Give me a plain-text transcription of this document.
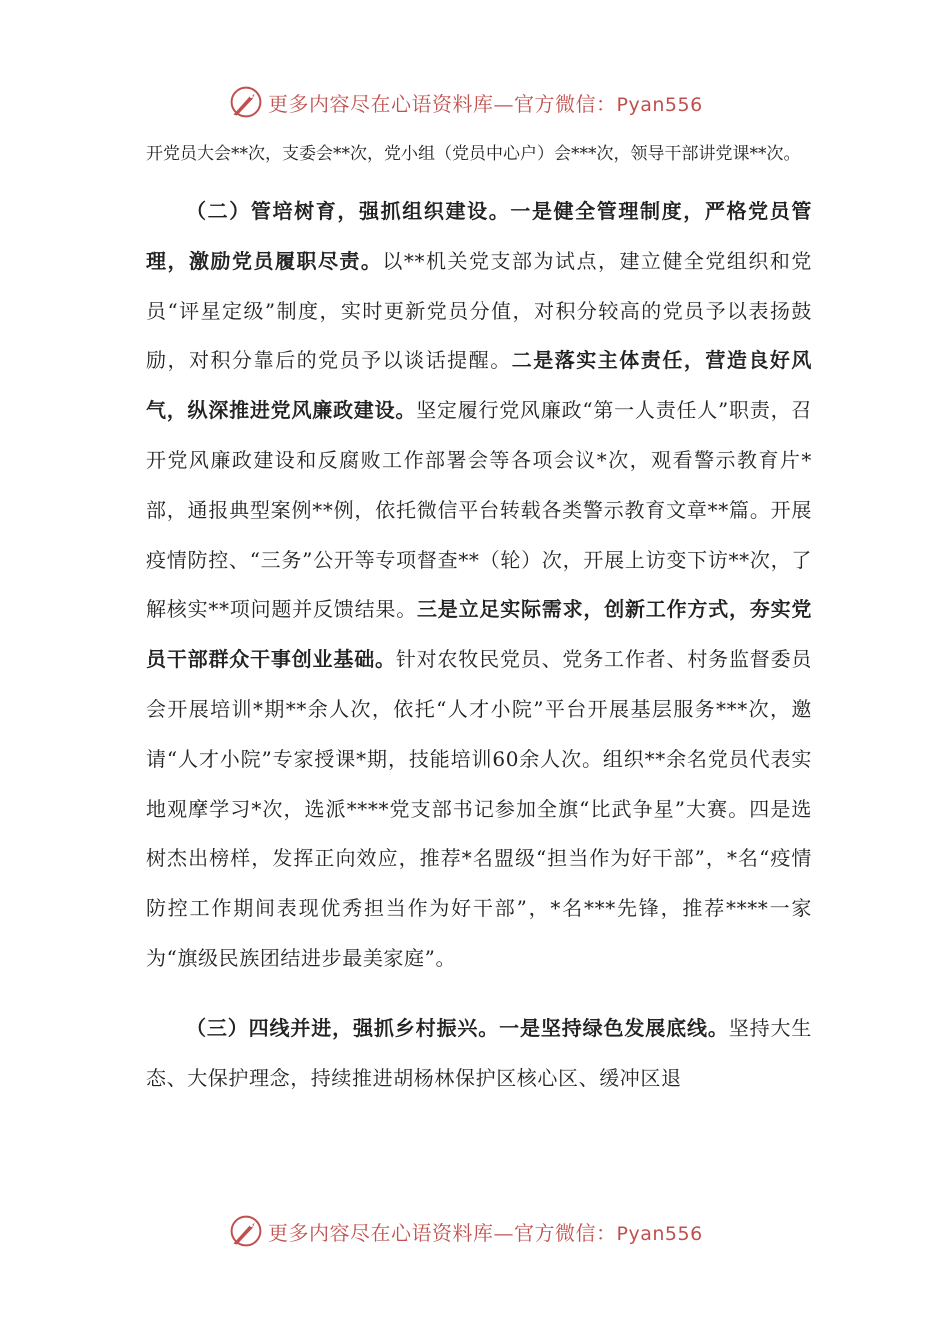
更多内容尽在心语资料库—官方微信：Pyan556

开党员大会**次，支委会**次，党小组（党员中心户）会***次，领导干部讲党课**次。

（二）管培树育，强抓组织建设。一是健全管理制度，严格党员管理，激励党员履职尽责。以**机关党支部为试点，建立健全党组织和党员“评星定级”制度，实时更新党员分值，对积分较高的党员予以表扬鼓励，对积分靠后的党员予以谈话提醒。二是落实主体责任，营造良好风气，纵深推进党风廉政建设。坚定履行党风廉政“第一人责任人”职责，召开党风廉政建设和反腐败工作部署会等各项会议*次，观看警示教育片*部，通报典型案例**例，依托微信平台转载各类警示教育文章**篇。开展疫情防控、“三务”公开等专项督查**（轮）次，开展上访变下访**次，了解核实**项问题并反馈结果。三是立足实际需求，创新工作方式，夯实党员干部群众干事创业基础。针对农牧民党员、党务工作者、村务监督委员会开展培训*期**余人次，依托“人才小院”平台开展基层服务***次，邀请“人才小院”专家授课*期，技能培训60余人次。组织**余名党员代表实地观摩学习*次，选派****党支部书记参加全旗“比武争星”大赛。四是选树杰出榜样，发挥正向效应，推荐*名盟级“担当作为好干部”，*名“疫情防控工作期间表现优秀担当作为好干部”，*名***先锋，推荐****一家为“旗级民族团结进步最美家庭”。

（三）四线并进，强抓乡村振兴。一是坚持绿色发展底线。坚持大生态、大保护理念，持续推进胡杨林保护区核心区、缓冲区退

更多内容尽在心语资料库—官方微信：Pyan556
